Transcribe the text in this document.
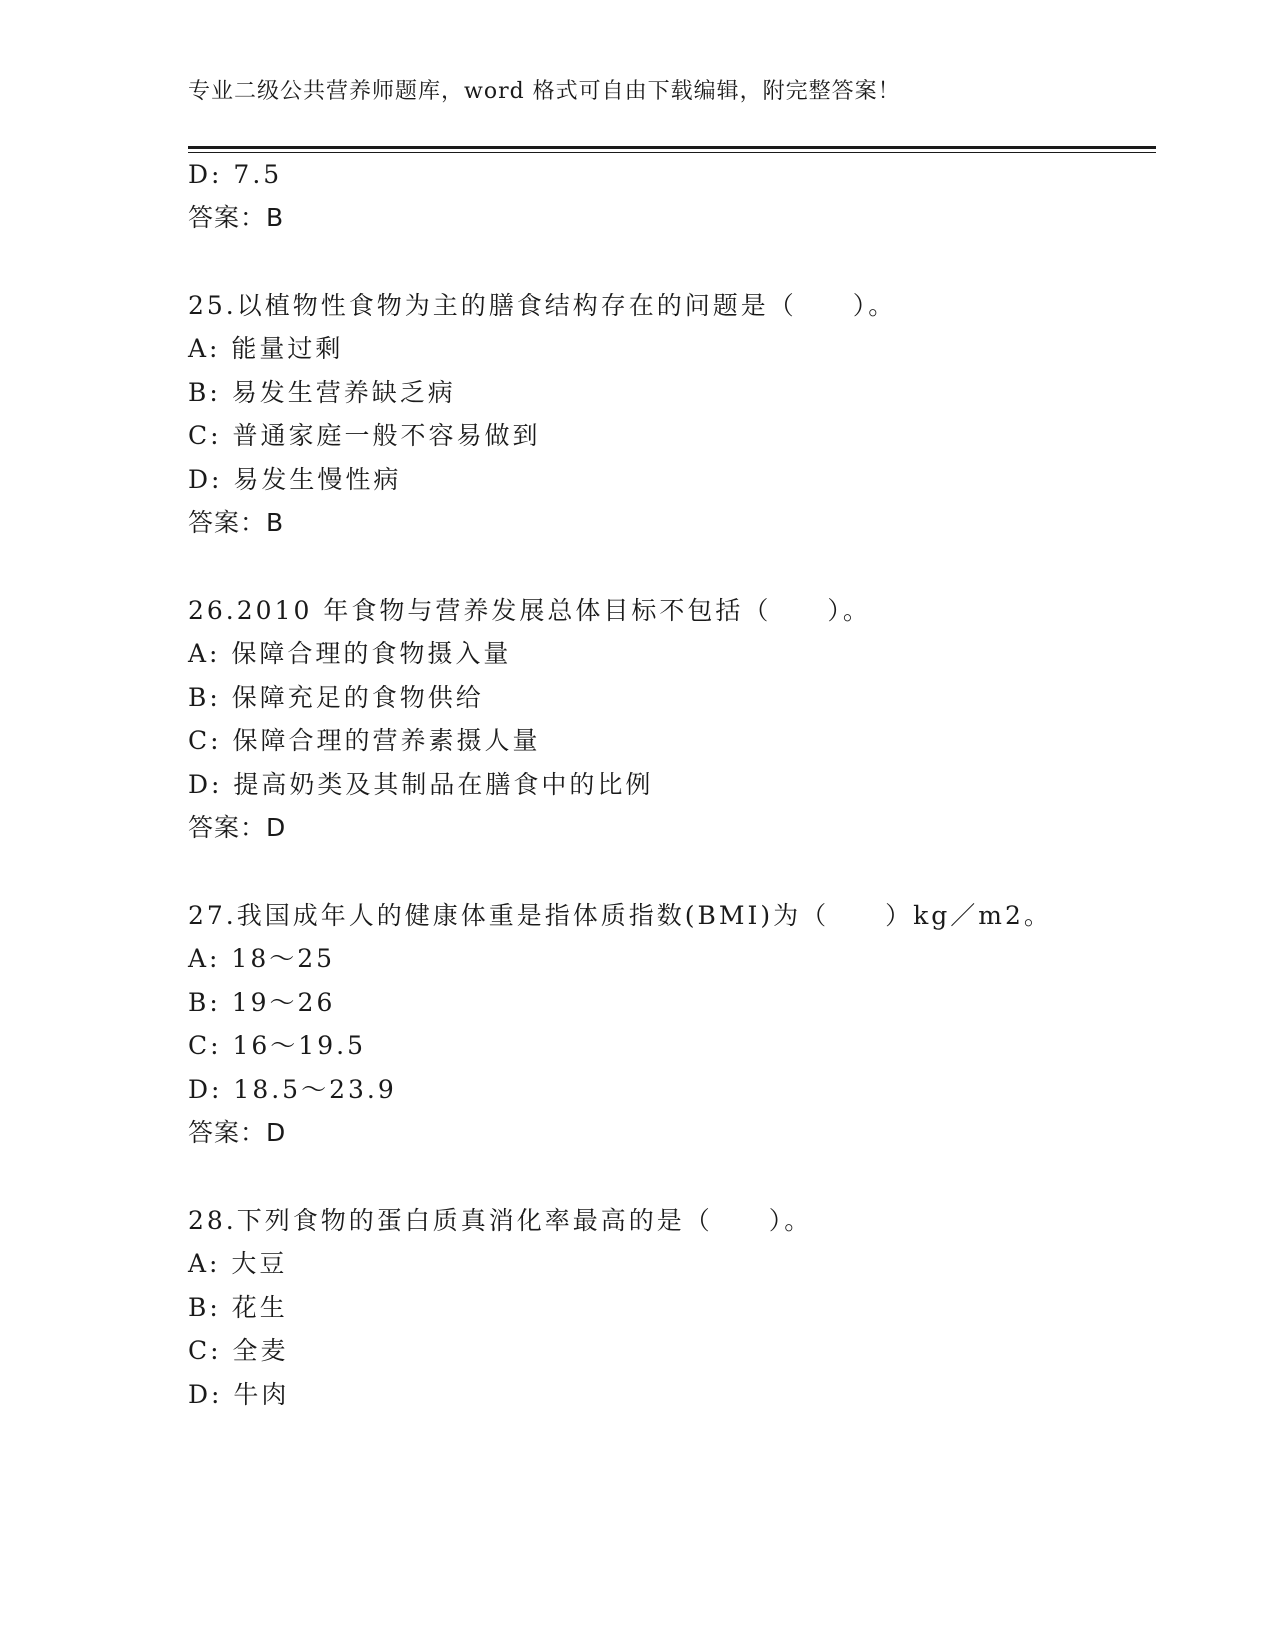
专业二级公共营养师题库，word 格式可自由下载编辑，附完整答案！
D: 7.5
答案：B
25.以植物性食物为主的膳食结构存在的问题是（　　）。
A: 能量过剩
B: 易发生营养缺乏病
C: 普通家庭一般不容易做到
D: 易发生慢性病
答案：B
26.2010 年食物与营养发展总体目标不包括（　　）。
A: 保障合理的食物摄入量
B: 保障充足的食物供给
C: 保障合理的营养素摄人量
D: 提高奶类及其制品在膳食中的比例
答案：D
27.我国成年人的健康体重是指体质指数(BMI)为（　　）kg／m2。
A: 18～25
B: 19～26
C: 16～19.5
D: 18.5～23.9
答案：D
28.下列食物的蛋白质真消化率最高的是（　　）。
A: 大豆
B: 花生
C: 全麦
D: 牛肉
